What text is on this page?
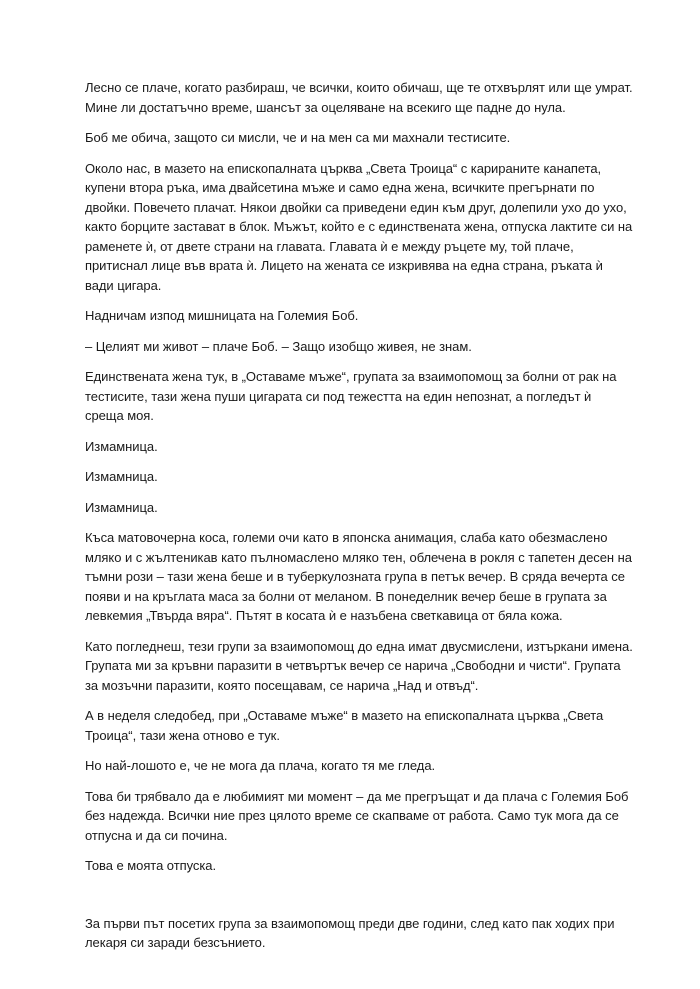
Лесно се плаче, когато разбираш, че всички, които обичаш, ще те отхвърлят или ще умрат. Мине ли достатъчно време, шансът за оцеляване на всекиго ще падне до нула.

Боб ме обича, защото си мисли, че и на мен са ми махнали тестисите.

Около нас, в мазето на епископалната църква „Света Троица“ с карираните канапета, купени втора ръка, има двайсетина мъже и само една жена, всичките прегърнати по двойки. Повечето плачат. Някои двойки са приведени един към друг, долепили ухо до ухо, както борците застават в блок. Мъжът, който е с единствената жена, отпуска лактите си на раменете ѝ, от двете страни на главата. Главата ѝ е между ръцете му, той плаче, притиснал лице във врата ѝ. Лицето на жената се изкривява на една страна, ръката ѝ вади цигара.

Надничам изпод мишницата на Големия Боб.

– Целият ми живот – плаче Боб. – Защо изобщо живея, не знам.

Единствената жена тук, в „Оставаме мъже“, групата за взаимопомощ за болни от рак на тестисите, тази жена пуши цигарата си под тежестта на един непознат, а погледът ѝ среща моя.

Измамница.

Измамница.

Измамница.

Къса матовочерна коса, големи очи като в японска анимация, слаба като обезмаслено мляко и с жълтеникав като пълномаслено мляко тен, облечена в рокля с тапетен десен на тъмни рози – тази жена беше и в туберкулозната група в петък вечер. В сряда вечерта се появи и на кръглата маса за болни от меланом. В понеделник вечер беше в групата за левкемия „Твърда вяра“. Пътят в косата ѝ е назъбена светкавица от бяла кожа.

Като погледнеш, тези групи за взаимопомощ до една имат двусмислени, изтъркани имена. Групата ми за кръвни паразити в четвъртък вечер се нарича „Свободни и чисти“. Групата за мозъчни паразити, която посещавам, се нарича „Над и отвъд“.

А в неделя следобед, при „Оставаме мъже“ в мазето на епископалната църква „Света Троица“, тази жена отново е тук.

Но най-лошото е, че не мога да плача, когато тя ме гледа.

Това би трябвало да е любимият ми момент – да ме прегръщат и да плача с Големия Боб без надежда. Всички ние през цялото време се скапваме от работа. Само тук мога да се отпусна и да си почина.

Това е моята отпуска.

За първи път посетих група за взаимопомощ преди две години, след като пак ходих при лекаря си заради безсънието.
